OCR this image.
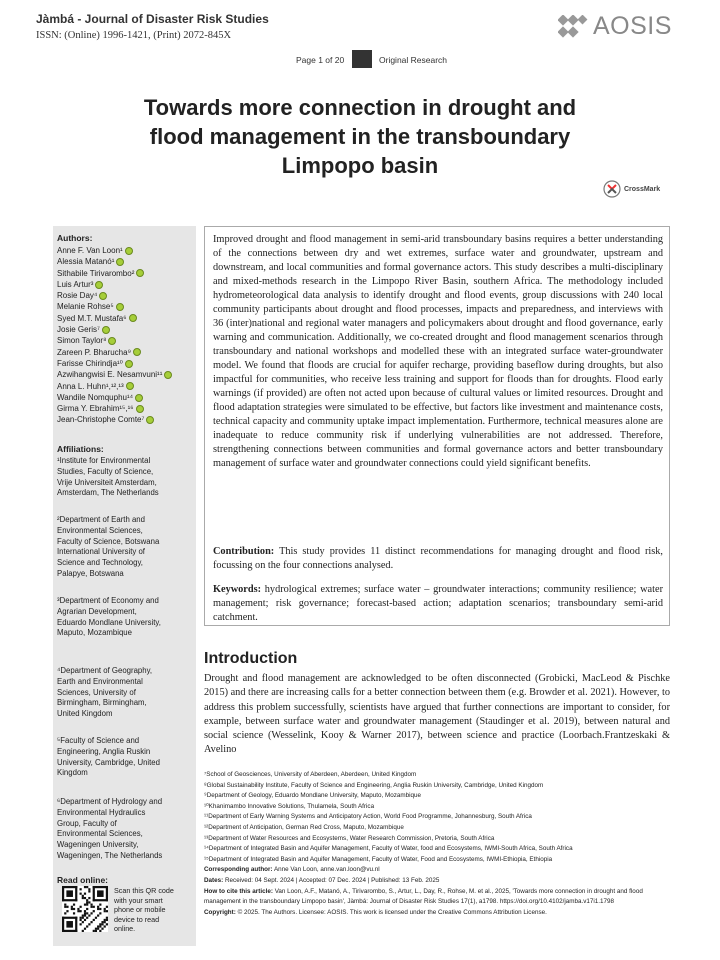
Jàmbá - Journal of Disaster Risk Studies
ISSN: (Online) 1996-1421, (Print) 2072-845X	AOSIS
Page 1 of 20	Original Research
Towards more connection in drought and flood management in the transboundary Limpopo basin
CrossMark
Authors:
Anne F. Van Loon¹
Alessia Matanó¹
Sithabile Tirivarombo²
Luis Artur³
Rosie Day⁴
Melanie Rohse⁵
Syed M.T. Mustafa⁶
Josie Geris⁷
Simon Taylor⁸
Zareen P. Bharucha⁹
Farisse Chirindja¹⁰
Azwihangwisi E. Nesamvuni¹¹
Anna L. Huhn¹,¹²,¹³
Wandile Nomquphu¹⁴
Girma Y. Ebrahim¹⁵,¹⁶
Jean-Christophe Comte⁷
Affiliations:
¹Institute for Environmental Studies, Faculty of Science, Vrije Universiteit Amsterdam, Amsterdam, The Netherlands
²Department of Earth and Environmental Sciences, Faculty of Science, Botswana International University of Science and Technology, Palapye, Botswana
³Department of Economy and Agrarian Development, Eduardo Mondlane University, Maputo, Mozambique
⁴Department of Geography, Earth and Environmental Sciences, University of Birmingham, Birmingham, United Kingdom
⁵Faculty of Science and Engineering, Anglia Ruskin University, Cambridge, United Kingdom
⁶Department of Hydrology and Environmental Hydraulics Group, Faculty of Environmental Sciences, Wageningen University, Wageningen, The Netherlands
Read online:
Scan this QR code with your smart phone or mobile device to read online.
Improved drought and flood management in semi-arid transboundary basins requires a better understanding of the connections between dry and wet extremes, surface water and groundwater, upstream and downstream, and local communities and formal governance actors. This study describes a multi-disciplinary and mixed-methods research in the Limpopo River Basin, southern Africa. The methodology included hydrometeorological data analysis to identify drought and flood events, group discussions with 240 local community participants about drought and flood processes, impacts and preparedness, and interviews with 36 (inter)national and regional water managers and policymakers about drought and flood governance, early warning and communication. Additionally, we co-created drought and flood management scenarios through transboundary and national workshops and modelled these with an integrated surface water-groundwater model. We found that floods are crucial for aquifer recharge, providing baseflow during droughts, but also impactful for communities, who receive less training and support for floods than for droughts. Flood early warnings (if provided) are often not acted upon because of cultural values or limited resources. Drought and flood adaptation strategies were simulated to be effective, but factors like investment and maintenance costs, technical capacity and community uptake impact implementation. Furthermore, technical measures alone are inadequate to reduce community risk if underlying vulnerabilities are not addressed. Therefore, strengthening connections between communities and formal governance actors and better transboundary management of surface water and groundwater connections could yield significant benefits.
Contribution: This study provides 11 distinct recommendations for managing drought and flood risk, focussing on the four connections analysed.
Keywords: hydrological extremes; surface water – groundwater interactions; community resilience; water management; risk governance; forecast-based action; adaptation scenarios; transboundary semi-arid catchment.
Introduction
Drought and flood management are acknowledged to be often disconnected (Grobicki, MacLeod & Pischke 2015) and there are increasing calls for a better connection between them (e.g. Browder et al. 2021). However, to address this problem successfully, scientists have argued that further connections are important to consider, for example, between surface water and groundwater management (Staudinger et al. 2019), between natural and social science (Wesselink, Kooy & Warner 2017), between science and practice (Loorbach.Frantzeskaki & Avelino
⁷School of Geosciences, University of Aberdeen, Aberdeen, United Kingdom
⁸Global Sustainability Institute, Faculty of Science and Engineering, Anglia Ruskin University, Cambridge, United Kingdom
⁹Department of Geology, Eduardo Mondlane University, Maputo, Mozambique
¹⁰Khanimambo Innovative Solutions, Thulamela, South Africa
¹¹Department of Early Warning Systems and Anticipatory Action, World Food Programme, Johannesburg, South Africa
¹²Department of Anticipation, German Red Cross, Maputo, Mozambique
¹³Department of Water Resources and Ecosystems, Water Research Commission, Pretoria, South Africa
¹⁴Department of Integrated Basin and Aquifer Management, Faculty of Water, food and Ecosystems, IWMI-South Africa, South Africa
¹⁵Department of Integrated Basin and Aquifer Management, Faculty of Water, Food and Ecosystems, IWMI-Ethiopia, Ethiopia
Corresponding author: Anne Van Loon, anne.van.loon@vu.nl
Dates: Received: 04 Sept. 2024 | Accepted: 07 Dec. 2024 | Published: 13 Feb. 2025
How to cite this article: Van Loon, A.F., Matanó, A., Tirivarombo, S., Artur, L., Day, R., Rohse, M. et al., 2025, 'Towards more connection in drought and flood management in the transboundary Limpopo basin', Jàmbá: Journal of Disaster Risk Studies 17(1), a1798. https://doi.org/10.4102/jamba.v17i1.1798
Copyright: © 2025. The Authors. Licensee: AOSIS. This work is licensed under the Creative Commons Attribution License.
